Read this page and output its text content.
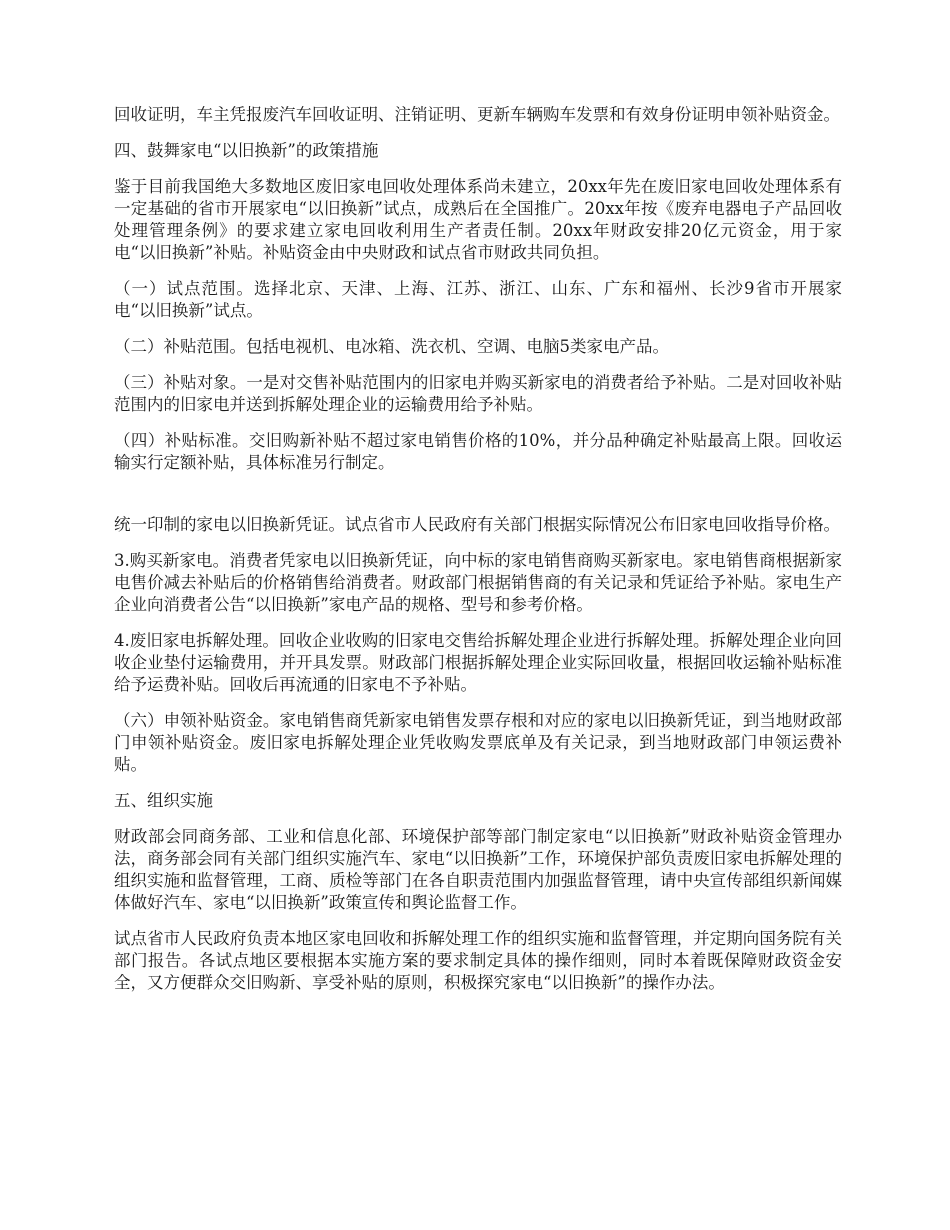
回收证明，车主凭报废汽车回收证明、注销证明、更新车辆购车发票和有效身份证明申领补贴资金。

四、鼓舞家电“以旧换新”的政策措施

鉴于目前我国绝大多数地区废旧家电回收处理体系尚未建立，20xx年先在废旧家电回收处理体系有一定基础的省市开展家电“以旧换新”试点，成熟后在全国推广。20xx年按《废弃电器电子产品回收处理管理条例》的要求建立家电回收利用生产者责任制。20xx年财政安排20亿元资金，用于家电“以旧换新”补贴。补贴资金由中央财政和试点省市财政共同负担。

（一）试点范围。选择北京、天津、上海、江苏、浙江、山东、广东和福州、长沙9省市开展家电“以旧换新”试点。

（二）补贴范围。包括电视机、电冰箱、洗衣机、空调、电脑5类家电产品。

（三）补贴对象。一是对交售补贴范围内的旧家电并购买新家电的消费者给予补贴。二是对回收补贴范围内的旧家电并送到拆解处理企业的运输费用给予补贴。

（四）补贴标准。交旧购新补贴不超过家电销售价格的10%，并分品种确定补贴最高上限。回收运输实行定额补贴，具体标准另行制定。

统一印制的家电以旧换新凭证。试点省市人民政府有关部门根据实际情况公布旧家电回收指导价格。

3.购买新家电。消费者凭家电以旧换新凭证，向中标的家电销售商购买新家电。家电销售商根据新家电售价减去补贴后的价格销售给消费者。财政部门根据销售商的有关记录和凭证给予补贴。家电生产企业向消费者公告“以旧换新”家电产品的规格、型号和参考价格。

4.废旧家电拆解处理。回收企业收购的旧家电交售给拆解处理企业进行拆解处理。拆解处理企业向回收企业垫付运输费用，并开具发票。财政部门根据拆解处理企业实际回收量，根据回收运输补贴标准给予运费补贴。回收后再流通的旧家电不予补贴。

（六）申领补贴资金。家电销售商凭新家电销售发票存根和对应的家电以旧换新凭证，到当地财政部门申领补贴资金。废旧家电拆解处理企业凭收购发票底单及有关记录，到当地财政部门申领运费补贴。

五、组织实施

财政部会同商务部、工业和信息化部、环境保护部等部门制定家电“以旧换新”财政补贴资金管理办法，商务部会同有关部门组织实施汽车、家电“以旧换新”工作，环境保护部负责废旧家电拆解处理的组织实施和监督管理，工商、质检等部门在各自职责范围内加强监督管理，请中央宣传部组织新闻媒体做好汽车、家电“以旧换新”政策宣传和舆论监督工作。

试点省市人民政府负责本地区家电回收和拆解处理工作的组织实施和监督管理，并定期向国务院有关部门报告。各试点地区要根据本实施方案的要求制定具体的操作细则，同时本着既保障财政资金安全，又方便群众交旧购新、享受补贴的原则，积极探究家电“以旧换新”的操作办法。
